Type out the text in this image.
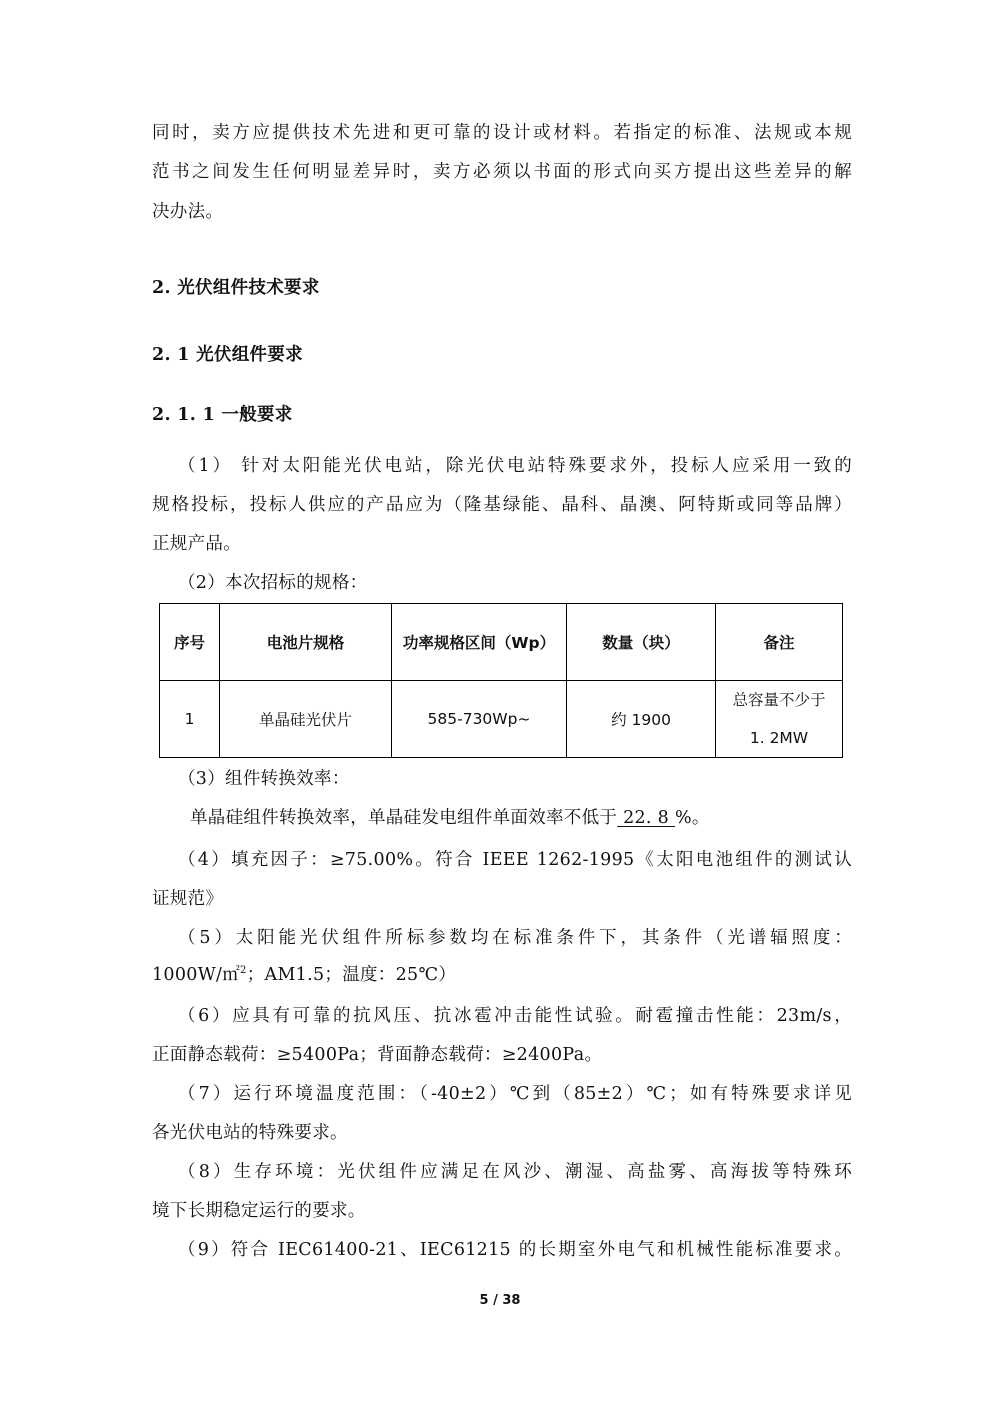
同时，卖方应提供技术先进和更可靠的设计或材料。若指定的标准、法规或本规
范书之间发生任何明显差异时，卖方必须以书面的形式向买方提出这些差异的解
决办法。
2. 光伏组件技术要求
2. 1 光伏组件要求
2. 1. 1 一般要求
（1） 针对太阳能光伏电站，除光伏电站特殊要求外，投标人应采用一致的
规格投标，投标人供应的产品应为（隆基绿能、晶科、晶澳、阿特斯或同等品牌）
正规产品。
（2）本次招标的规格：
序号	电池片规格	功率规格区间（Wp）	数量（块）	备注
1	单晶硅光伏片	585-730Wp~	约 1900	总容量不少于
1. 2MW
（3）组件转换效率：
单晶硅组件转换效率，单晶硅发电组件单面效率不低于 22. 8 %。
（4）填充因子：≥75.00%。符合 IEEE 1262-1995《太阳电池组件的测试认
证规范》
（5）太阳能光伏组件所标参数均在标准条件下，其条件（光谱辐照度：
1000W/㎡$^2$；AM1.5；温度：25℃）
（6）应具有可靠的抗风压、抗冰雹冲击能性试验。耐雹撞击性能：23m/s，
正面静态载荷：≥5400Pa；背面静态载荷：≥2400Pa。
（7）运行环境温度范围：（-40±2）℃到（85±2）℃；如有特殊要求详见
各光伏电站的特殊要求。
（8）生存环境：光伏组件应满足在风沙、潮湿、高盐雾、高海拔等特殊环
境下长期稳定运行的要求。
（9）符合 IEC61400-21、IEC61215 的长期室外电气和机械性能标准要求。
5 / 38
